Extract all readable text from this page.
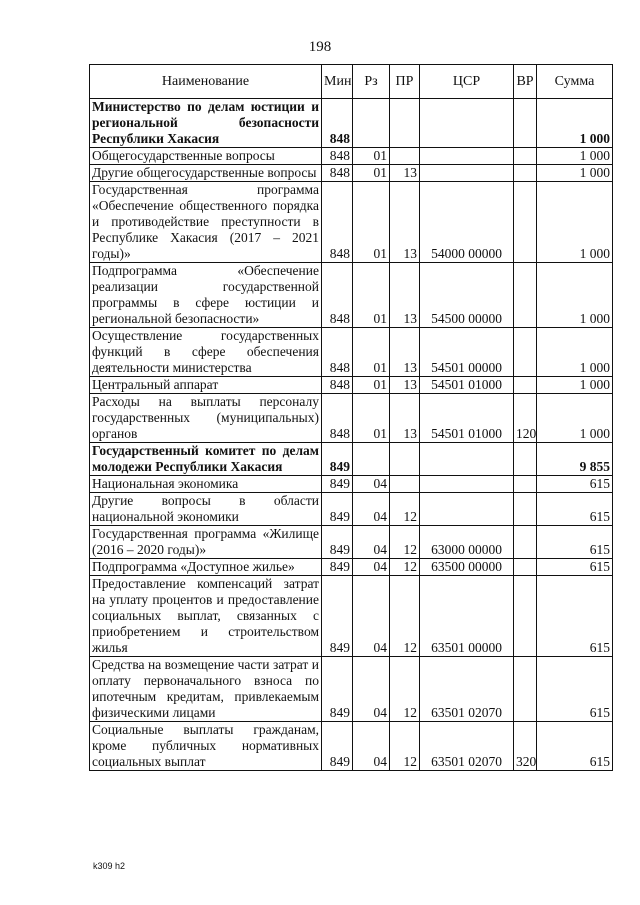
198
Наименование	Мин	Рз	ПР	ЦСР	ВР	Сумма
Министерство по делам юстиции и региональной безопасности Республики Хакасия	848					1 000
Общегосударственные вопросы	848	01				1 000
Другие общегосударственные вопросы	848	01	13			1 000
Государственная программа «Обеспечение общественного порядка и противодействие преступности в Республике Хакасия (2017 – 2021 годы)»	848	01	13	54000 00000		1 000
Подпрограмма «Обеспечение реализации государственной программы в сфере юстиции и региональной безопасности»	848	01	13	54500 00000		1 000
Осуществление государственных функций в сфере обеспечения деятельности министерства	848	01	13	54501 00000		1 000
Центральный аппарат	848	01	13	54501 01000		1 000
Расходы на выплаты персоналу государственных (муниципальных) органов	848	01	13	54501 01000	120	1 000
Государственный комитет по делам молодежи Республики Хакасия	849					9 855
Национальная экономика	849	04				615
Другие вопросы в области национальной экономики	849	04	12			615
Государственная программа «Жилище (2016 – 2020 годы)»	849	04	12	63000 00000		615
Подпрограмма «Доступное жилье»	849	04	12	63500 00000		615
Предоставление компенсаций затрат на уплату процентов и предоставление социальных выплат, связанных с приобретением и строительством жилья	849	04	12	63501 00000		615
Средства на возмещение части затрат и оплату первоначального взноса по ипотечным кредитам, привлекаемым физическими лицами	849	04	12	63501 02070		615
Социальные выплаты гражданам, кроме публичных нормативных социальных выплат	849	04	12	63501 02070	320	615
k309 h2
